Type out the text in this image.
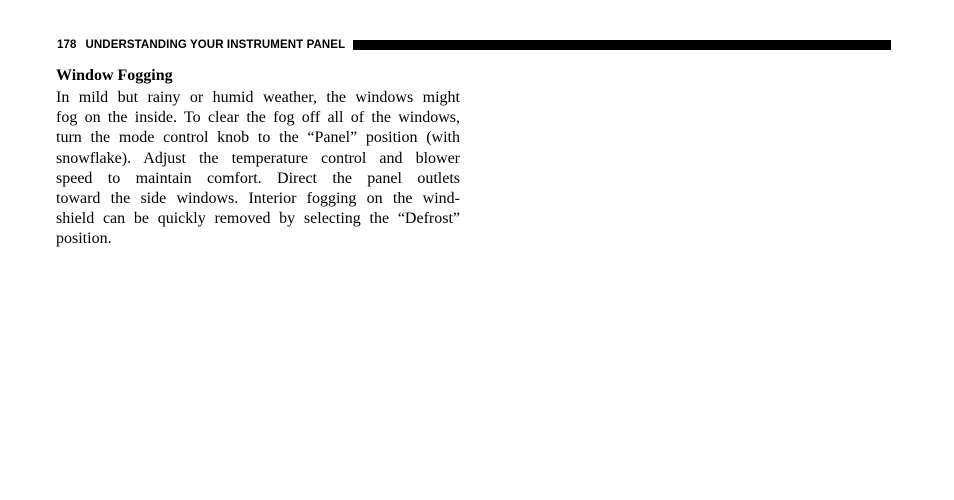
178 UNDERSTANDING YOUR INSTRUMENT PANEL
Window Fogging
In mild but rainy or humid weather, the windows might
fog on the inside. To clear the fog off all of the windows,
turn the mode control knob to the “Panel” position (with
snowflake). Adjust the temperature control and blower
speed to maintain comfort. Direct the panel outlets
toward the side windows. Interior fogging on the wind-
shield can be quickly removed by selecting the “Defrost”
position.
